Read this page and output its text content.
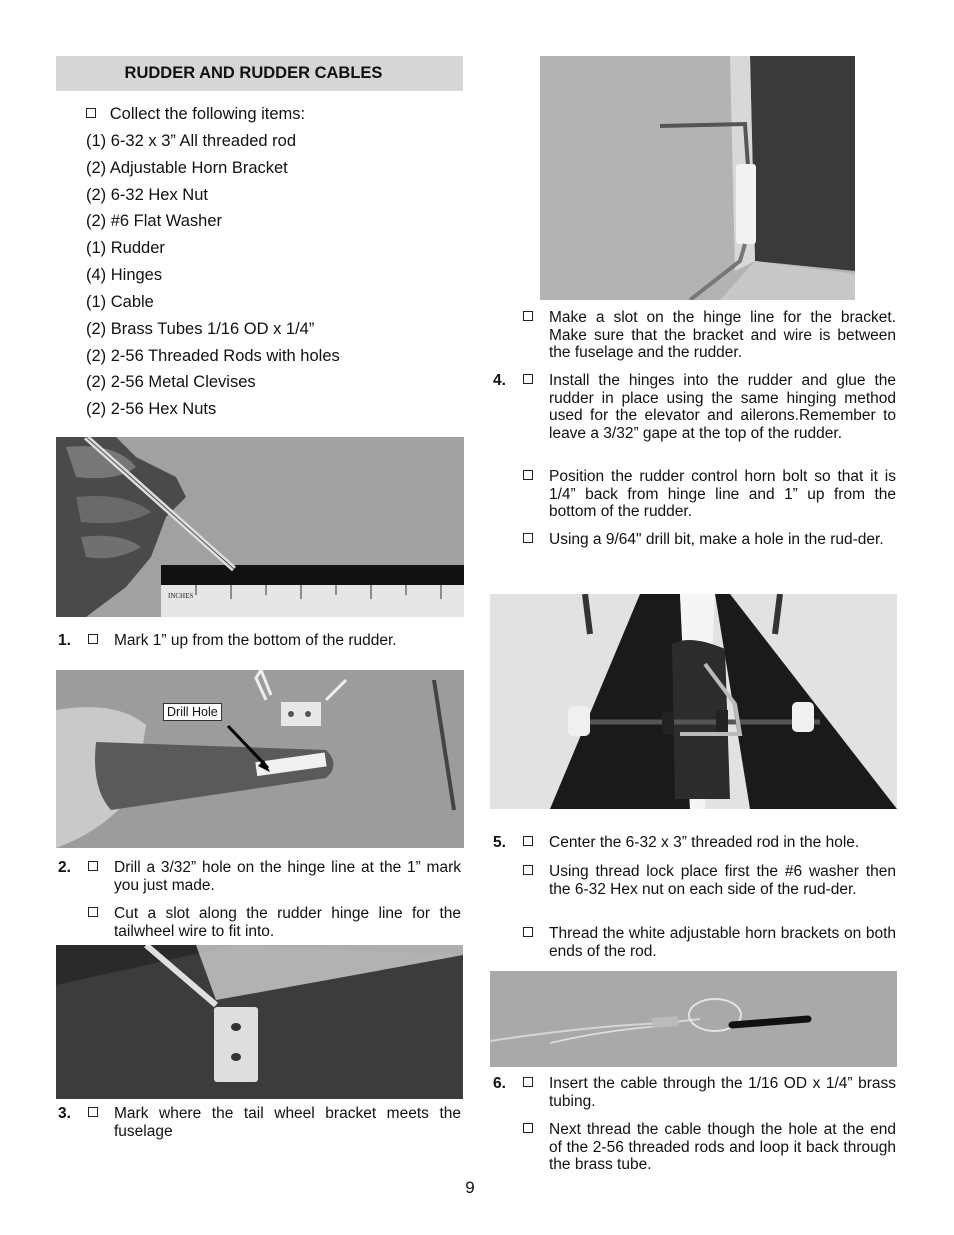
RUDDER AND RUDDER CABLES
Collect the following items:
(1) 6-32 x 3” All threaded rod
(2) Adjustable Horn Bracket
(2) 6-32 Hex Nut
(2) #6 Flat Washer
(1) Rudder
(4) Hinges
(1) Cable
(2) Brass Tubes 1/16 OD x 1/4”
(2) 2-56 Threaded Rods with holes
(2) 2-56 Metal Clevises
(2) 2-56 Hex Nuts
INCHES
1.	Mark 1” up from the bottom of the rudder.
Drill Hole
2.	Drill a 3/32” hole on the hinge line at the 1” mark you just made.
Cut a slot along the rudder hinge line for the tailwheel wire to fit into.
3.	Mark where the tail wheel bracket meets the fuselage
Make a slot on the hinge line for the bracket. Make sure that the bracket and wire is between the fuselage and the rudder.
4.	Install the hinges into the rudder and glue the rudder in place using the same hinging method used for the elevator and ailerons.Remember to leave a 3/32” gape at the top of the rudder.
Position the rudder control horn bolt so that it is 1/4” back from hinge line and 1” up from the bottom of the rudder.
Using a 9/64" drill bit, make a hole in the rud-der.
5.	Center the 6-32 x 3” threaded rod in the hole.
Using thread lock place first the #6 washer then the 6-32 Hex nut on each side of the rud-der.
Thread the white adjustable horn brackets on both ends of the rod.
6.	Insert the cable through the 1/16 OD x 1/4” brass tubing.
Next thread the cable though the hole at the end of the 2-56 threaded rods and loop it back through the brass tube.
9
